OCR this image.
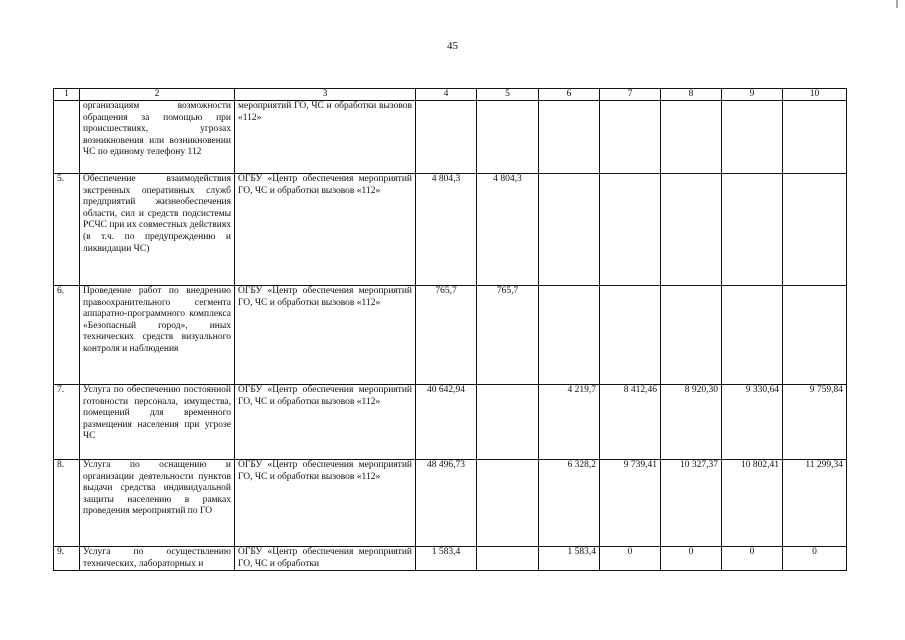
45
1	2	3	4	5	6	7	8	9	10
	организациям возможности обращения за помощью при происшествиях, угрозах возникновения или возникновении ЧС по единому телефону 112	мероприятий ГО, ЧС и обработки вызовов «112»							
5.	Обеспечение взаимодействия экстренных оперативных служб предприятий жизнеобеспечения области, сил и средств подсистемы РСЧС при их совместных действиях (в т.ч. по предупреждению и ликвидации ЧС)	ОГБУ «Центр обеспечения мероприятий ГО, ЧС и обработки вызовов «112»	4 804,3	4 804,3					
6.	Проведение работ по внедрению правоохранительного сегмента аппаратно-программного комплекса «Безопасный город», иных технических средств визуального контроля и наблюдения	ОГБУ «Центр обеспечения мероприятий ГО, ЧС и обработки вызовов «112»	765,7	765,7					
7.	Услуга по обеспечению постоянной готовности персонала, имущества, помещений для временного размещения населения при угрозе ЧС	ОГБУ «Центр обеспечения мероприятий ГО, ЧС и обработки вызовов «112»	40 642,94		4 219,7	8 412,46	8 920,30	9 330,64	9 759,84
8.	Услуга по оснащению и организации деятельности пунктов выдачи средства индивидуальной защиты населению в рамках проведения мероприятий по ГО	ОГБУ «Центр обеспечения мероприятий ГО, ЧС и обработки вызовов «112»	48 496,73		6 328,2	9 739,41	10 327,37	10 802,41	11 299,34
9.	Услуга по осуществлению технических, лабораторных и	ОГБУ «Центр обеспечения мероприятий ГО, ЧС и обработки	1 583,4		1 583,4	0	0	0	0
